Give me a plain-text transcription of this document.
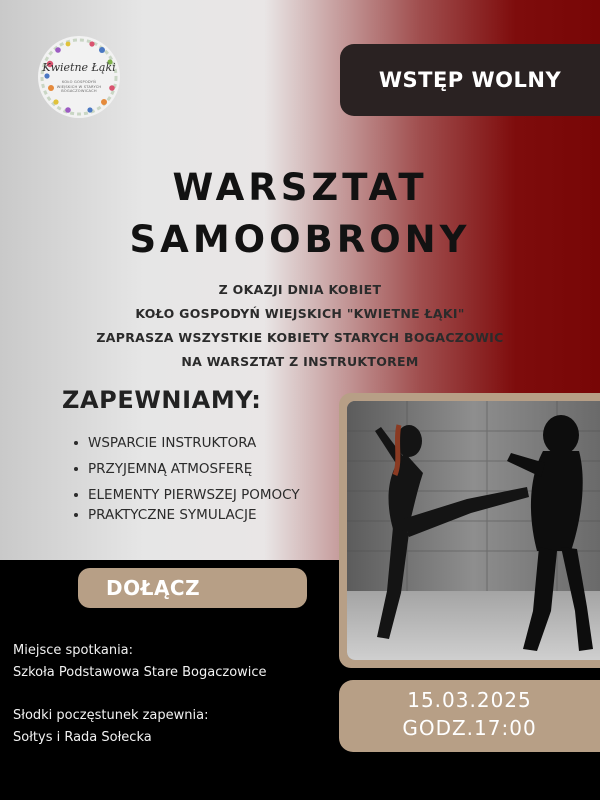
Kwietne Łąki
KOŁO GOSPODYŃ WIEJSKICH W STARYCH BOGACZOWICACH	WSTĘP WOLNY
WARSZTAT
SAMOOBRONY
Z OKAZJI DNIA KOBIET
KOŁO GOSPODYŃ WIEJSKICH "KWIETNE ŁĄKI"
ZAPRASZA WSZYSTKIE KOBIETY STARYCH BOGACZOWIC
NA WARSZTAT Z INSTRUKTOREM
ZAPEWNIAMY:
WSPARCIE INSTRUKTORA
PRZYJEMNĄ ATMOSFERĘ
ELEMENTY PIERWSZEJ POMOCY
PRAKTYCZNE SYMULACJE
DOŁĄCZ
Miejsce spotkania:
Szkoła Podstawowa Stare Bogaczowice
Słodki poczęstunek zapewnia:
Sołtys i Rada Sołecka
15.03.2025
GODZ.17:00
